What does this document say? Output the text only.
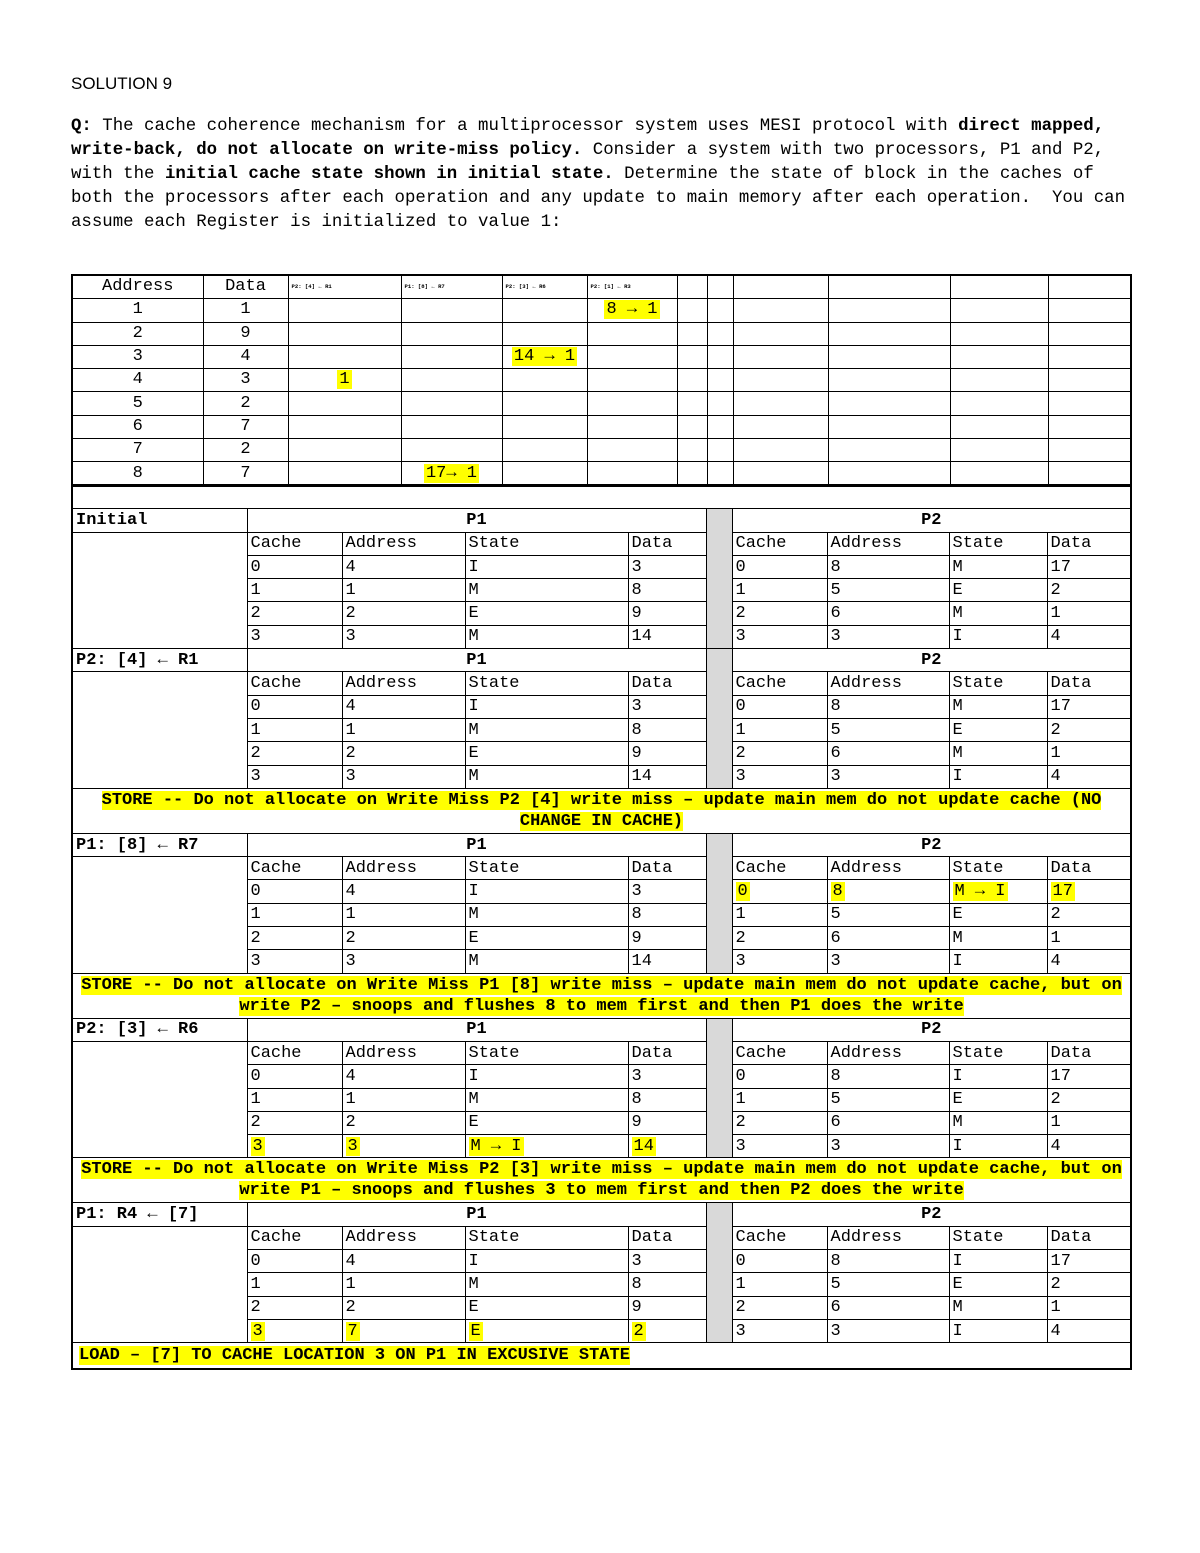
SOLUTION 9
Q: The cache coherence mechanism for a multiprocessor system uses MESI protocol with direct mapped, write-back, do not allocate on write-miss policy. Consider a system with two processors, P1 and P2, with the initial cache state shown in initial state. Determine the state of block in the caches of both the processors after each operation and any update to main memory after each operation.  You can assume each Register is initialized to value 1:
Address	Data	P2: [4] ← R1	P1: [8] ← R7	P2: [3] ← R6	P2: [1] ← R3						
1	1				8 → 1						
2	9										
3	4			14 → 1							
4	3	1									
5	2										
6	7										
7	2										
8	7		17→ 1								

Initial	P1					P2			
	Cache	Address	State	Data		Cache	Address	State	Data
	0	4	I	3		0	8	M	17
	1	1	M	8		1	5	E	2
	2	2	E	9		2	6	M	1
	3	3	M	14		3	3	I	4
P2: [4] ← R1	P1					P2			
	Cache	Address	State	Data		Cache	Address	State	Data
	0	4	I	3		0	8	M	17
	1	1	M	8		1	5	E	2
	2	2	E	9		2	6	M	1
	3	3	M	14		3	3	I	4
STORE -- Do not allocate on Write Miss P2 [4] write miss – update main mem do not update cache (NO CHANGE IN CACHE)									
P1: [8] ← R7	P1					P2			
	Cache	Address	State	Data		Cache	Address	State	Data
	0	4	I	3		0	8	M → I	17
	1	1	M	8		1	5	E	2
	2	2	E	9		2	6	M	1
	3	3	M	14		3	3	I	4
STORE -- Do not allocate on Write Miss P1 [8] write miss – update main mem do not update cache, but on write P2 – snoops and flushes 8 to mem first and then P1 does the write									
P2: [3] ← R6	P1					P2			
	Cache	Address	State	Data		Cache	Address	State	Data
	0	4	I	3		0	8	I	17
	1	1	M	8		1	5	E	2
	2	2	E	9		2	6	M	1
	3	3	M → I	14		3	3	I	4
STORE -- Do not allocate on Write Miss P2 [3] write miss – update main mem do not update cache, but on write P1 – snoops and flushes 3 to mem first and then P2 does the write									
P1: R4 ← [7]	P1					P2			
	Cache	Address	State	Data		Cache	Address	State	Data
	0	4	I	3		0	8	I	17
	1	1	M	8		1	5	E	2
	2	2	E	9		2	6	M	1
	3	7	E	2		3	3	I	4
LOAD – [7] TO CACHE LOCATION 3 ON P1 IN EXCUSIVE STATE									
